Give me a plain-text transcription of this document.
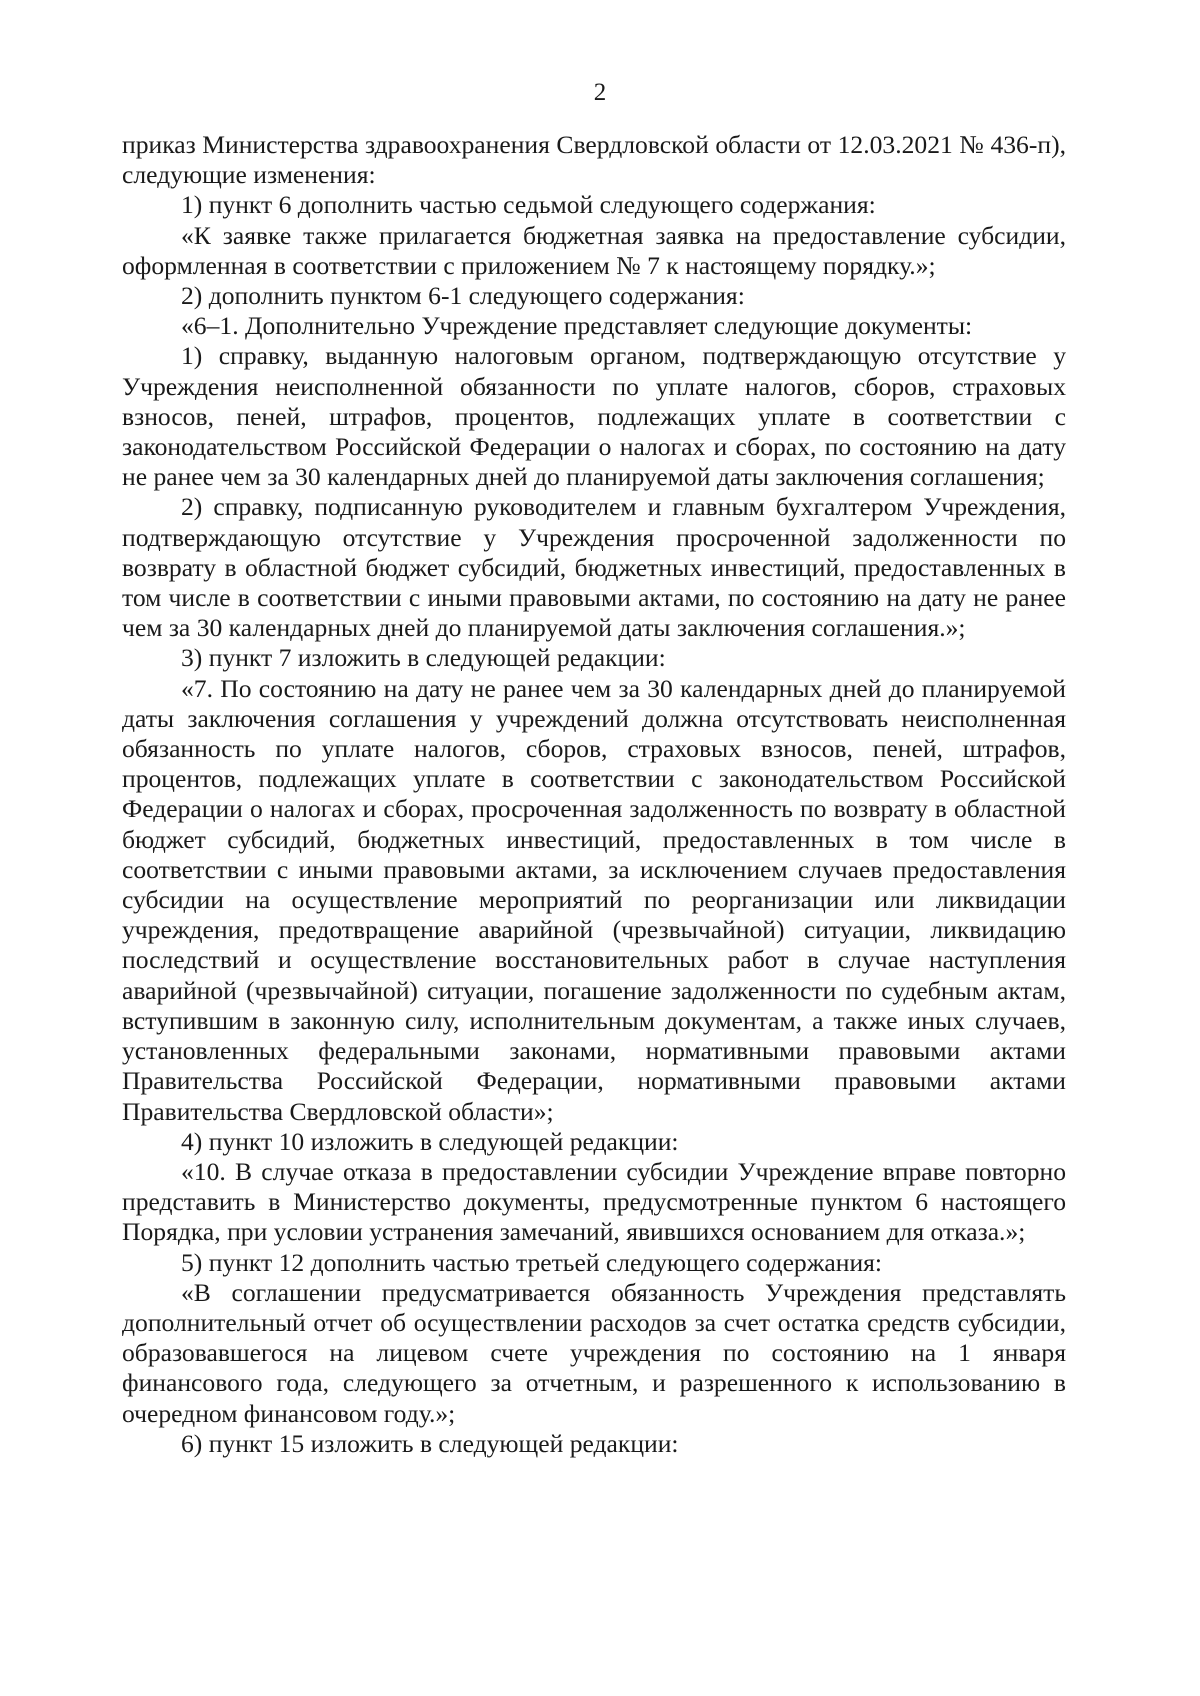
2

приказ Министерства здравоохранения Свердловской области от 12.03.2021 № 436-п), следующие изменения:

1) пункт 6 дополнить частью седьмой следующего содержания:

«К заявке также прилагается бюджетная заявка на предоставление субсидии, оформленная в соответствии с приложением № 7 к настоящему порядку.»;

2) дополнить пунктом 6-1 следующего содержания:

«6–1. Дополнительно Учреждение представляет следующие документы:

1) справку, выданную налоговым органом, подтверждающую отсутствие у Учреждения неисполненной обязанности по уплате налогов, сборов, страховых взносов, пеней, штрафов, процентов, подлежащих уплате в соответствии с законодательством Российской Федерации о налогах и сборах, по состоянию на дату не ранее чем за 30 календарных дней до планируемой даты заключения соглашения;

2) справку, подписанную руководителем и главным бухгалтером Учреждения, подтверждающую отсутствие у Учреждения просроченной задолженности по возврату в областной бюджет субсидий, бюджетных инвестиций, предоставленных в том числе в соответствии с иными правовыми актами, по состоянию на дату не ранее чем за 30 календарных дней до планируемой даты заключения соглашения.»;

3) пункт 7 изложить в следующей редакции:

«7. По состоянию на дату не ранее чем за 30 календарных дней до планируемой даты заключения соглашения у учреждений должна отсутствовать неисполненная обязанность по уплате налогов, сборов, страховых взносов, пеней, штрафов, процентов, подлежащих уплате в соответствии с законодательством Российской Федерации о налогах и сборах, просроченная задолженность по возврату в областной бюджет субсидий, бюджетных инвестиций, предоставленных в том числе в соответствии с иными правовыми актами, за исключением случаев предоставления субсидии на осуществление мероприятий по реорганизации или ликвидации учреждения, предотвращение аварийной (чрезвычайной) ситуации, ликвидацию последствий и осуществление восстановительных работ в случае наступления аварийной (чрезвычайной) ситуации, погашение задолженности по судебным актам, вступившим в законную силу, исполнительным документам, а также иных случаев, установленных федеральными законами, нормативными правовыми актами Правительства Российской Федерации, нормативными правовыми актами Правительства Свердловской области»;

4) пункт 10 изложить в следующей редакции:

«10. В случае отказа в предоставлении субсидии Учреждение вправе повторно представить в Министерство документы, предусмотренные пунктом 6 настоящего Порядка, при условии устранения замечаний, явившихся основанием для отказа.»;

5) пункт 12 дополнить частью третьей следующего содержания:

«В соглашении предусматривается обязанность Учреждения представлять дополнительный отчет об осуществлении расходов за счет остатка средств субсидии, образовавшегося на лицевом счете учреждения по состоянию на 1 января финансового года, следующего за отчетным, и разрешенного к использованию в очередном финансовом году.»;

6) пункт 15 изложить в следующей редакции:
